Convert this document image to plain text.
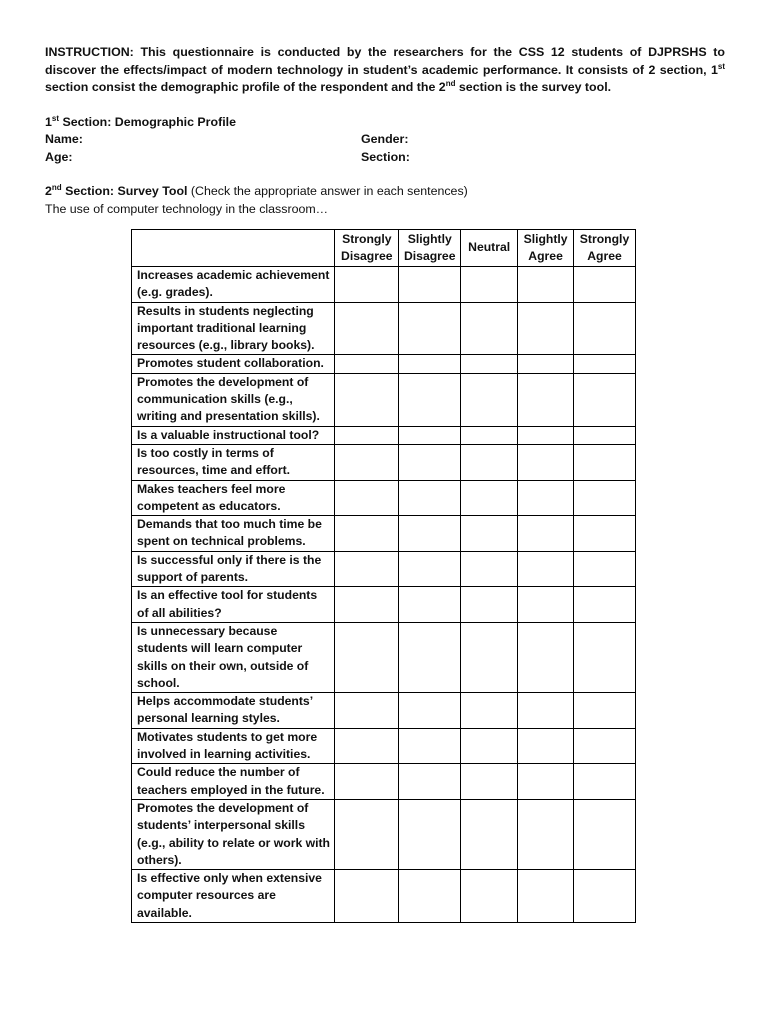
INSTRUCTION: This questionnaire is conducted by the researchers for the CSS 12 students of DJPRSHS to discover the effects/impact of modern technology in student’s academic performance. It consists of 2 section, 1st section consist the demographic profile of the respondent and the 2nd section is the survey tool.
1st Section: Demographic Profile
Name:	Gender:
Age:	Section:
2nd Section: Survey Tool (Check the appropriate answer in each sentences)
The use of computer technology in the classroom…
	Strongly Disagree	Slightly Disagree	Neutral	Slightly Agree	Strongly Agree
Increases academic achievement (e.g. grades).					
Results in students neglecting important traditional learning resources (e.g., library books).					
Promotes student collaboration.					
Promotes the development of communication skills (e.g., writing and presentation skills).					
Is a valuable instructional tool?					
Is too costly in terms of resources, time and effort.					
Makes teachers feel more competent as educators.					
Demands that too much time be spent on technical problems.					
Is successful only if there is the support of parents.					
Is an effective tool for students of all abilities?					
Is unnecessary because students will learn computer skills on their own, outside of school.					
Helps accommodate students’ personal learning styles.					
Motivates students to get more involved in learning activities.					
Could reduce the number of teachers employed in the future.					
Promotes the development of students’ interpersonal skills (e.g., ability to relate or work with others).					
Is effective only when extensive computer resources are available.					
